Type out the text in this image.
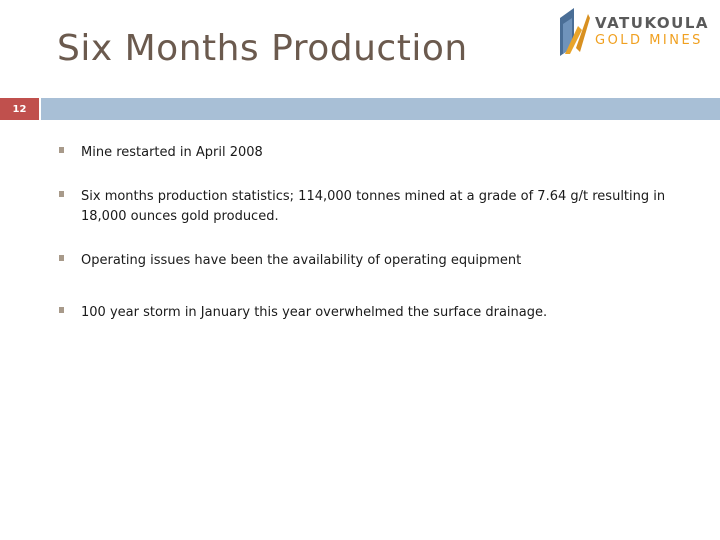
Six Months Production
VATUKOULA
GOLD MINES
12
Mine restarted in April 2008
Six months production statistics; 114,000 tonnes mined at a grade of 7.64 g/t resulting in 18,000 ounces gold produced.
Operating issues have been the availability of operating equipment
100 year storm in January this year overwhelmed the surface drainage.
